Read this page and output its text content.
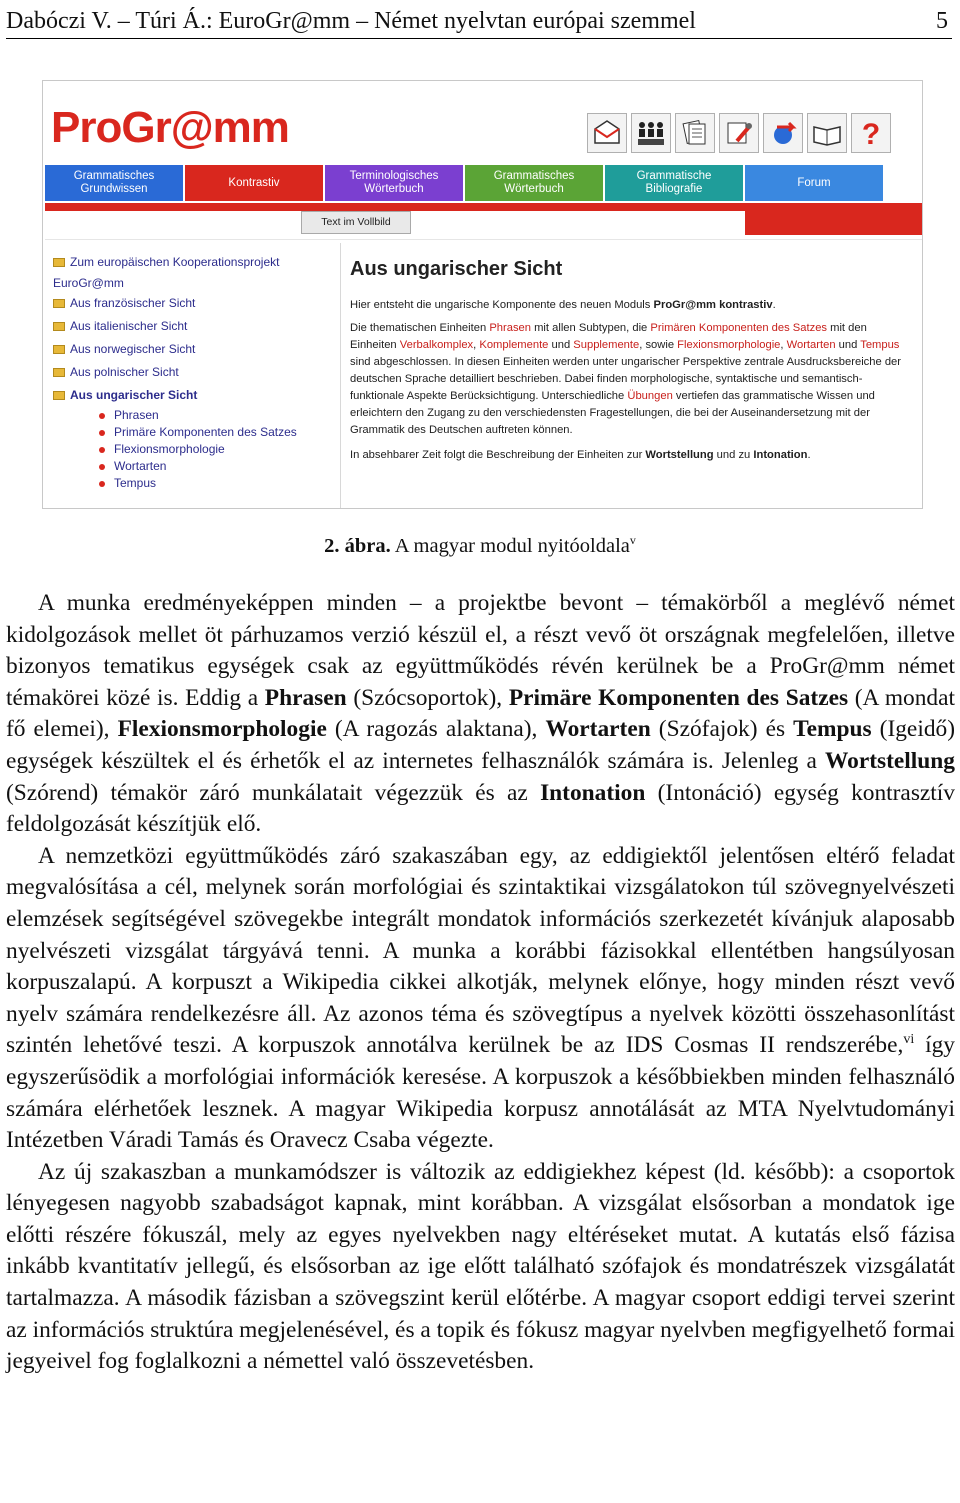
Dabóczi V. – Túri Á.: EuroGr@mm – Német nyelvtan európai szemmel	5
ProGr@mm	?
Grammatisches
Grundwissen
Kontrastiv
Terminologisches
Wörterbuch
Grammatisches
Wörterbuch
Grammatische
Bibliografie
Forum
Text im Vollbild
Zum europäischen Kooperationsprojekt
EuroGr@mm
Aus französischer Sicht
Aus italienischer Sicht
Aus norwegischer Sicht
Aus polnischer Sicht
Aus ungarischer Sicht
Phrasen
Primäre Komponenten des Satzes
Flexionsmorphologie
Wortarten
Tempus
Aus ungarischer Sicht

Hier entsteht die ungarische Komponente des neuen Moduls ProGr@mm kontrastiv.

Die thematischen Einheiten Phrasen mit allen Subtypen, die Primären Komponenten des Satzes mit den Einheiten Verbalkomplex, Komplemente und Supplemente, sowie Flexionsmorphologie, Wortarten und Tempus sind abgeschlossen. In diesen Einheiten werden unter ungarischer Perspektive zentrale Ausdrucksbereiche der deutschen Sprache detailliert beschrieben. Dabei finden morphologische, syntaktische und semantisch-funktionale Aspekte Berücksichtigung. Unterschiedliche Übungen vertiefen das grammatische Wissen und erleichtern den Zugang zu den verschiedensten Fragestellungen, die bei der Auseinandersetzung mit der Grammatik des Deutschen auftreten können.

In absehbarer Zeit folgt die Beschreibung der Einheiten zur Wortstellung und zu Intonation.

2. ábra. A magyar modul nyitóoldala$^v$

A munka eredményeképpen minden – a projektbe bevont – témakörből a meglévő német kidolgozások mellet öt párhuzamos verzió készül el, a részt vevő öt országnak megfelelően, illetve bizonyos tematikus egységek csak az együttműködés révén kerülnek be a ProGr@mm német témakörei közé is. Eddig a Phrasen (Szócsoportok), Primäre Komponenten des Satzes (A mondat fő elemei), Flexionsmorphologie (A ragozás alaktana), Wortarten (Szófajok) és Tempus (Igeidő) egységek készültek el és érhetők el az internetes felhasználók számára is. Jelenleg a Wortstellung (Szórend) témakör záró munkálatait végezzük és az Intonation (Intonáció) egység kontrasztív feldolgozását készítjük elő.

A nemzetközi együttműködés záró szakaszában egy, az eddigiektől jelentősen eltérő feladat megvalósítása a cél, melynek során morfológiai és szintaktikai vizsgálatokon túl szövegnyelvészeti elemzések segítségével szövegekbe integrált mondatok információs szerkezetét kívánjuk alaposabb nyelvészeti vizsgálat tárgyává tenni. A munka a korábbi fázisokkal ellentétben hangsúlyosan korpuszalapú. A korpuszt a Wikipedia cikkei alkotják, melynek előnye, hogy minden részt vevő nyelv számára rendelkezésre áll. Az azonos téma és szövegtípus a nyelvek közötti összehasonlítást szintén lehetővé teszi. A korpuszok annotálva kerülnek be az IDS Cosmas II rendszerébe,$^{vi}$ így egyszerűsödik a morfológiai információk keresése. A korpuszok a későbbiekben minden felhasználó számára elérhetőek lesznek. A magyar Wikipedia korpusz annotálását az MTA Nyelvtudományi Intézetben Váradi Tamás és Oravecz Csaba végezte.

Az új szakaszban a munkamódszer is változik az eddigiekhez képest (ld. később): a csoportok lényegesen nagyobb szabadságot kapnak, mint korábban. A vizsgálat elsősorban a mondatok ige előtti részére fókuszál, mely az egyes nyelvekben nagy eltéréseket mutat. A kutatás első fázisa inkább kvantitatív jellegű, és elsősorban az ige előtt található szófajok és mondatrészek vizsgálatát tartalmazza. A második fázisban a szövegszint kerül előtérbe. A magyar csoport eddigi tervei szerint az információs struktúra megjelenésével, és a topik és fókusz magyar nyelvben megfigyelhető formai jegyeivel fog foglalkozni a némettel való összevetésben.
